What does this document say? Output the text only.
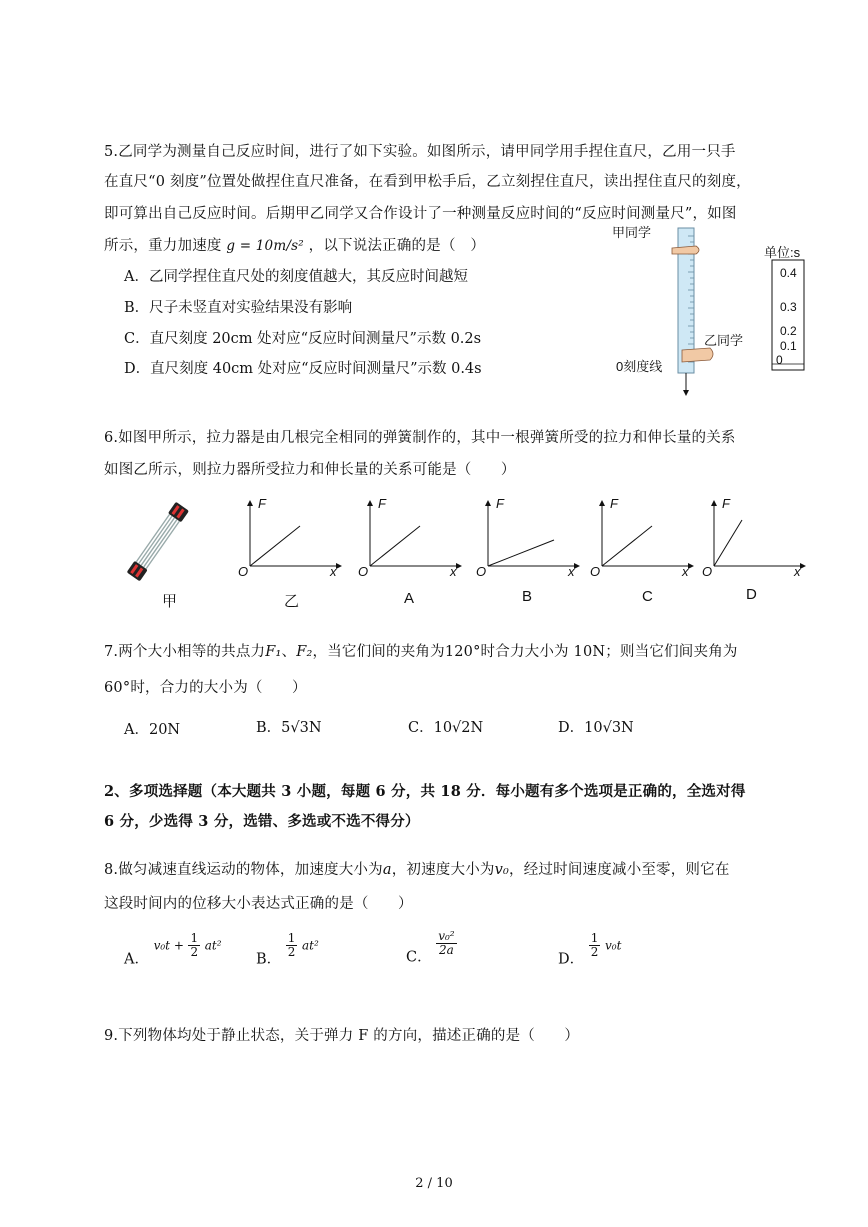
5.乙同学为测量自己反应时间，进行了如下实验。如图所示，请甲同学用手捏住直尺，乙用一只手
在直尺“0 刻度”位置处做捏住直尺准备，在看到甲松手后，乙立刻捏住直尺，读出捏住直尺的刻度，
即可算出自己反应时间。后期甲乙同学又合作设计了一种测量反应时间的“反应时间测量尺”，如图
所示，重力加速度 g = 10m/s² ，以下说法正确的是（　）
A．乙同学捏住直尺处的刻度值越大，其反应时间越短
B．尺子未竖直对实验结果没有影响
C．直尺刻度 20cm 处对应“反应时间测量尺”示数 0.2s
D．直尺刻度 40cm 处对应“反应时间测量尺”示数 0.4s
甲同学
乙同学
0刻度线
单位:s
0.4
0.3
0.2
0.1
0
6.如图甲所示，拉力器是由几根完全相同的弹簧制作的，其中一根弹簧所受的拉力和伸长量的关系
如图乙所示，则拉力器所受拉力和伸长量的关系可能是（　　）
F
x
O
F
x
O
F
x
O
F
x
O
F
x
O
甲	乙	A	B	C	D
7.两个大小相等的共点力F₁、F₂，当它们间的夹角为120°时合力大小为 10N；则当它们间夹角为
60°时，合力的大小为（　　）
A．20N	B．5√3N	C．10√2N	D．10√3N
2、多项选择题（本大题共 3 小题，每题 6 分，共 18 分．每小题有多个选项是正确的，全选对得
6 分，少选得 3 分，选错、多选或不选不得分）
8.做匀减速直线运动的物体，加速度大小为a，初速度大小为v₀，经过时间速度减小至零，则它在
这段时间内的位移大小表达式正确的是（　　）
A． $v_0t + \frac{1}{2} at^2$
B．
$\frac{1}{2} at^2$
C．
$\frac{\text{v₀²}}{2a}$
D．
$\frac{1}{2} v_0t$
9.下列物体均处于静止状态，关于弹力 F 的方向，描述正确的是（　　）
2 / 10
